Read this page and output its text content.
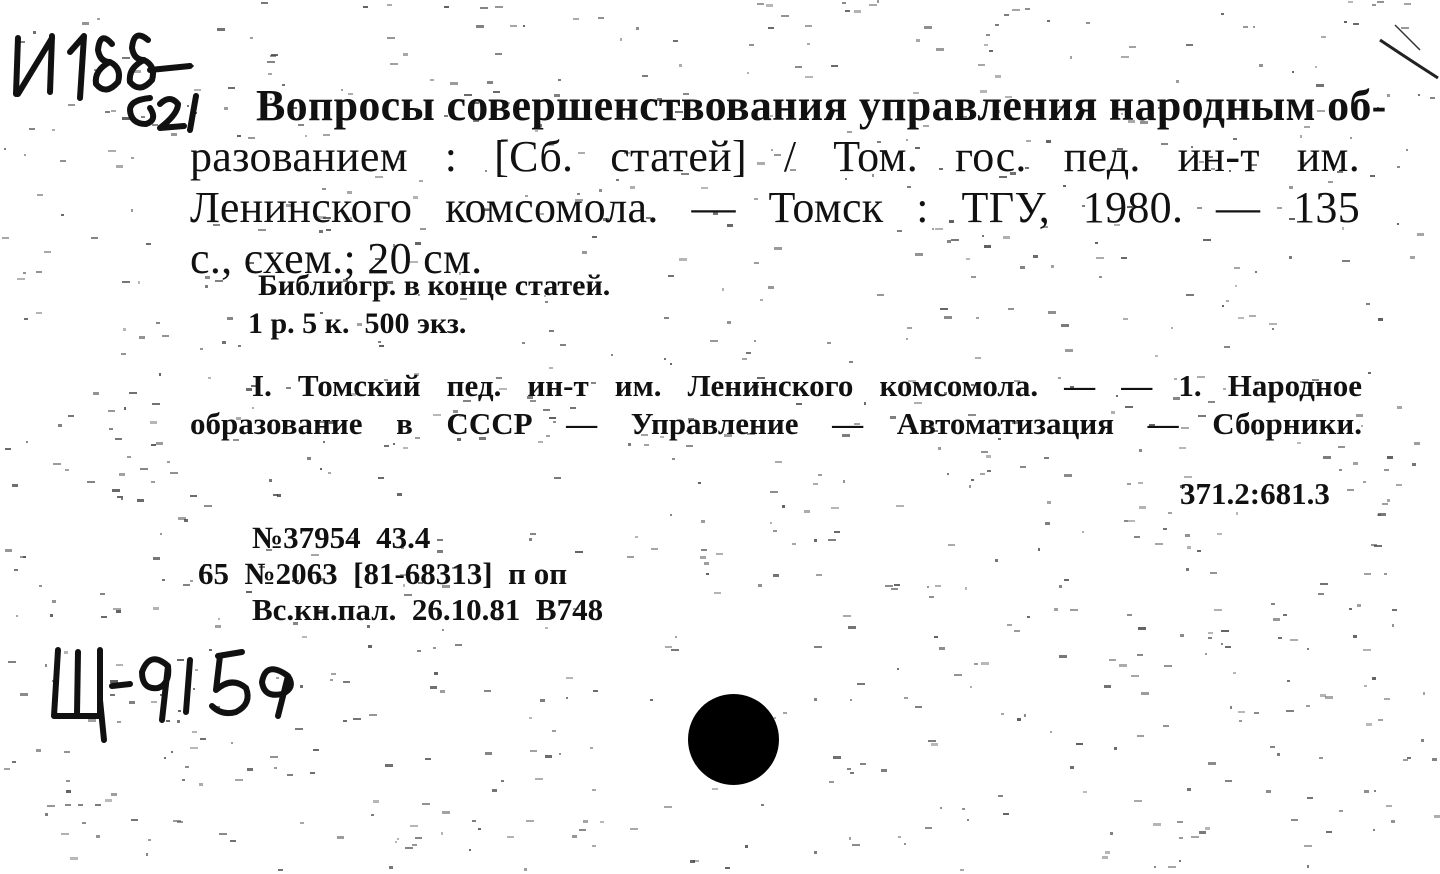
Вопросы совершенствования управления народным об-
разованием : [Сб. статей] / Том. гос. пед. ин-т им.
Ленинского комсомола. — Томск : ТГУ, 1980. — 135
с., схем.; 20 см.
Библиогр. в конце статей.
1 р. 5 к.  500 экз.
I. Томский пед. ин-т им. Ленинского комсомола. — — 1. Народное
образование в СССР — Управление — Автоматизация — Сборники.
371.2:681.3
№37954  43.4
65  №2063  [81-68313]  п оп
Вс.кн.пал.  26.10.81  В748
